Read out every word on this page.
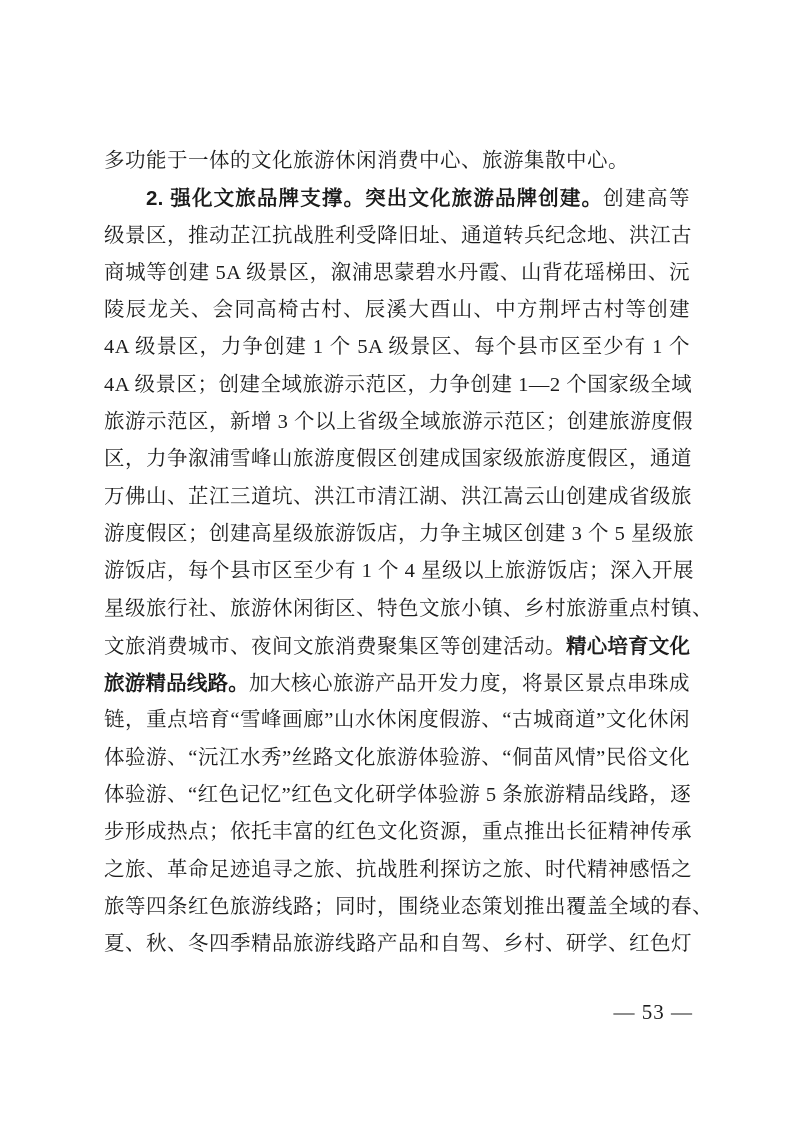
多功能于一体的文化旅游休闲消费中心、旅游集散中心。
2. 强化文旅品牌支撑。突出文化旅游品牌创建。创建高等
级景区，推动芷江抗战胜利受降旧址、通道转兵纪念地、洪江古
商城等创建 5A 级景区，溆浦思蒙碧水丹霞、山背花瑶梯田、沅
陵辰龙关、会同高椅古村、辰溪大酉山、中方荆坪古村等创建
4A 级景区，力争创建 1 个 5A 级景区、每个县市区至少有 1 个
4A 级景区；创建全域旅游示范区，力争创建 1—2 个国家级全域
旅游示范区，新增 3 个以上省级全域旅游示范区；创建旅游度假
区，力争溆浦雪峰山旅游度假区创建成国家级旅游度假区，通道
万佛山、芷江三道坑、洪江市清江湖、洪江嵩云山创建成省级旅
游度假区；创建高星级旅游饭店，力争主城区创建 3 个 5 星级旅
游饭店，每个县市区至少有 1 个 4 星级以上旅游饭店；深入开展
星级旅行社、旅游休闲街区、特色文旅小镇、乡村旅游重点村镇、
文旅消费城市、夜间文旅消费聚集区等创建活动。精心培育文化
旅游精品线路。加大核心旅游产品开发力度，将景区景点串珠成
链，重点培育“雪峰画廊”山水休闲度假游、“古城商道”文化休闲
体验游、“沅江水秀”丝路文化旅游体验游、“侗苗风情”民俗文化
体验游、“红色记忆”红色文化研学体验游 5 条旅游精品线路，逐
步形成热点；依托丰富的红色文化资源，重点推出长征精神传承
之旅、革命足迹追寻之旅、抗战胜利探访之旅、时代精神感悟之
旅等四条红色旅游线路；同时，围绕业态策划推出覆盖全域的春、
夏、秋、冬四季精品旅游线路产品和自驾、乡村、研学、红色灯
— 53 —
